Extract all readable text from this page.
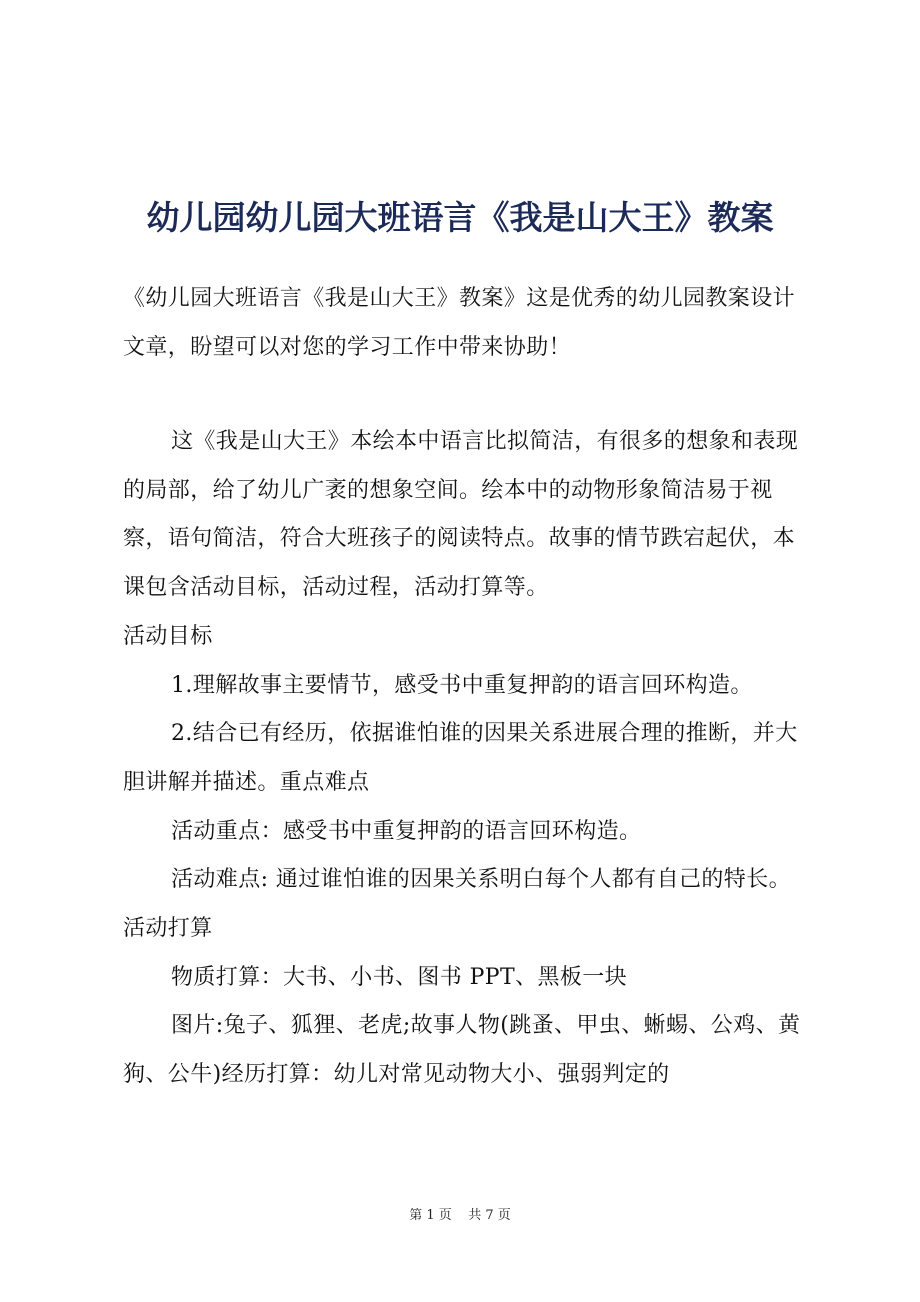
幼儿园幼儿园大班语言《我是山大王》教案

《幼儿园大班语言《我是山大王》教案》这是优秀的幼儿园教案设计文章，盼望可以对您的学习工作中带来协助！

这《我是山大王》本绘本中语言比拟简洁，有很多的想象和表现的局部，给了幼儿广袤的想象空间。绘本中的动物形象简洁易于视察，语句简洁，符合大班孩子的阅读特点。故事的情节跌宕起伏，本课包含活动目标，活动过程，活动打算等。

活动目标

1.理解故事主要情节，感受书中重复押韵的语言回环构造。

2.结合已有经历，依据谁怕谁的因果关系进展合理的推断，并大胆讲解并描述。重点难点

活动重点：感受书中重复押韵的语言回环构造。

活动难点: 通过谁怕谁的因果关系明白每个人都有自己的特长。

活动打算

物质打算：大书、小书、图书 PPT、黑板一块

图片:兔子、狐狸、老虎;故事人物(跳蚤、甲虫、蜥蜴、公鸡、黄狗、公牛)经历打算：幼儿对常见动物大小、强弱判定的

第 1 页    共 7 页
